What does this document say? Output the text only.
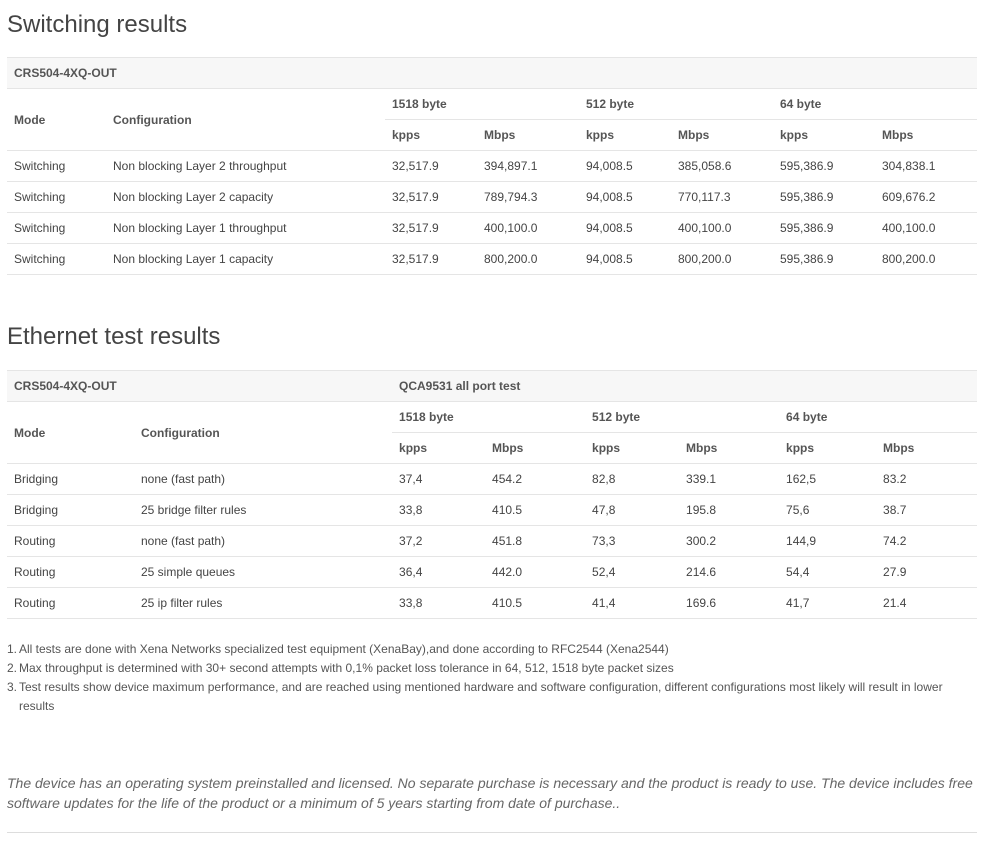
Switching results
CRS504-4XQ-OUT							
Mode	Configuration	1518 byte		512 byte		64 byte	
		kpps	Mbps	kpps	Mbps	kpps	Mbps
Switching	Non blocking Layer 2 throughput	32,517.9	394,897.1	94,008.5	385,058.6	595,386.9	304,838.1
Switching	Non blocking Layer 2 capacity	32,517.9	789,794.3	94,008.5	770,117.3	595,386.9	609,676.2
Switching	Non blocking Layer 1 throughput	32,517.9	400,100.0	94,008.5	400,100.0	595,386.9	400,100.0
Switching	Non blocking Layer 1 capacity	32,517.9	800,200.0	94,008.5	800,200.0	595,386.9	800,200.0
Ethernet test results
CRS504-4XQ-OUT		QCA9531 all port test					
Mode	Configuration	1518 byte		512 byte		64 byte	
		kpps	Mbps	kpps	Mbps	kpps	Mbps
Bridging	none (fast path)	37,4	454.2	82,8	339.1	162,5	83.2
Bridging	25 bridge filter rules	33,8	410.5	47,8	195.8	75,6	38.7
Routing	none (fast path)	37,2	451.8	73,3	300.2	144,9	74.2
Routing	25 simple queues	36,4	442.0	52,4	214.6	54,4	27.9
Routing	25 ip filter rules	33,8	410.5	41,4	169.6	41,7	21.4
1. All tests are done with Xena Networks specialized test equipment (XenaBay),and done according to RFC2544 (Xena2544)
2. Max throughput is determined with 30+ second attempts with 0,1% packet loss tolerance in 64, 512, 1518 byte packet sizes
3. Test results show device maximum performance, and are reached using mentioned hardware and software configuration, different configurations most likely will result in lower results
The device has an operating system preinstalled and licensed. No separate purchase is necessary and the product is ready to use. The device includes free software updates for the life of the product or a minimum of 5 years starting from date of purchase..
